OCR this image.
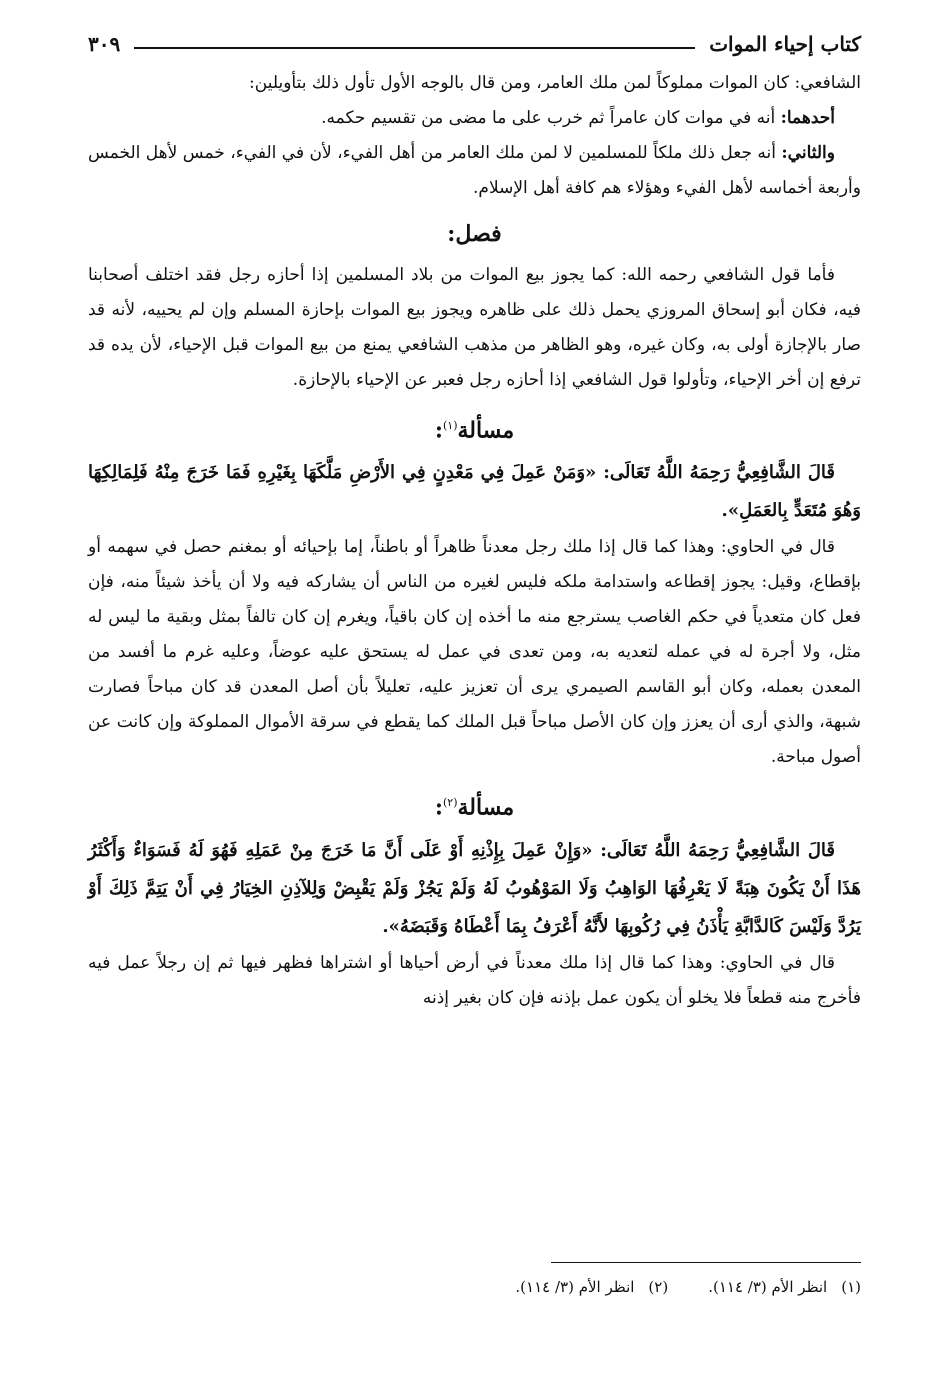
كتاب إحياء الموات
٣٠٩

الشافعي: كان الموات مملوكاً لمن ملك العامر، ومن قال بالوجه الأول تأول ذلك بتأويلين:

أحدهما: أنه في موات كان عامراً ثم خرب على ما مضى من تقسيم حكمه.

والثاني: أنه جعل ذلك ملكاً للمسلمين لا لمن ملك العامر من أهل الفيء، لأن في الفيء، خمس لأهل الخمس وأربعة أخماسه لأهل الفيء وهؤلاء هم كافة أهل الإسلام.

فصل:

فأما قول الشافعي رحمه الله: كما يجوز بيع الموات من بلاد المسلمين إذا أحازه رجل فقد اختلف أصحابنا فيه، فكان أبو إسحاق المروزي يحمل ذلك على ظاهره ويجوز بيع الموات بإحازة المسلم وإن لم يحييه، لأنه قد صار بالإجازة أولى به، وكان غيره، وهو الظاهر من مذهب الشافعي يمنع من بيع الموات قبل الإحياء، لأن يده قد ترفع إن أخر الإحياء، وتأولوا قول الشافعي إذا أحازه رجل فعبر عن الإحياء بالإحازة.

مسألة$^{(١)}$:

قَالَ الشَّافِعِيُّ رَحِمَهُ اللَّهُ تَعَالَى: «وَمَنْ عَمِلَ فِي مَعْدِنٍ فِي الأَرْضِ مَلَّكَهَا بِغَيْرِهِ فَمَا خَرَجَ مِنْهُ فَلِمَالِكِهَا وَهُوَ مُتَعَدٍّ بِالعَمَلِ».

قال في الحاوي: وهذا كما قال إذا ملك رجل معدناً ظاهراً أو باطناً، إما بإحيائه أو بمغنم حصل في سهمه أو بإقطاع، وقيل: يجوز إقطاعه واستدامة ملكه فليس لغيره من الناس أن يشاركه فيه ولا أن يأخذ شيئاً منه، فإن فعل كان متعدياً في حكم الغاصب يسترجع منه ما أخذه إن كان باقياً، ويغرم إن كان تالفاً بمثل وبقية ما ليس له مثل، ولا أجرة له في عمله لتعديه به، ومن تعدى في عمل له يستحق عليه عوضاً، وعليه غرم ما أفسد من المعدن بعمله، وكان أبو القاسم الصيمري يرى أن تعزيز عليه، تعليلاً بأن أصل المعدن قد كان مباحاً فصارت شبهة، والذي أرى أن يعزز وإن كان الأصل مباحاً قبل الملك كما يقطع في سرقة الأموال المملوكة وإن كانت عن أصول مباحة.

مسألة$^{(٢)}$:

قَالَ الشَّافِعِيُّ رَحِمَهُ اللَّهُ تَعَالَى: «وَإِنْ عَمِلَ بِإِذْنِهِ أَوْ عَلَى أَنَّ مَا خَرَجَ مِنْ عَمَلِهِ فَهُوَ لَهُ فَسَوَاءٌ وَأَكْثَرُ هَذَا أَنْ يَكُونَ هِبَةً لَا يَعْرِفُهَا الوَاهِبُ وَلَا المَوْهُوبُ لَهُ وَلَمْ يَجُزْ وَلَمْ يَقْبِضْ وَلِلآذِنِ الخِيَارُ فِي أَنْ يَتِمَّ ذَلِكَ أَوْ يَرُدَّ وَلَيْسَ كَالدَّابَّةِ يَأْذَنُ فِي رُكُوبِهَا لأَنَّهُ أَعْرَفُ بِمَا أَعْطَاهُ وَقَبَضَهُ».

قال في الحاوي: وهذا كما قال إذا ملك معدناً في أرض أحياها أو اشتراها فظهر فيها ثم إن رجلاً عمل فيه فأخرج منه قطعاً فلا يخلو أن يكون عمل بإذنه فإن كان بغير إذنه

(١)
انظر الأم (٣/ ١١٤).
(٢)
انظر الأم (٣/ ١١٤).
